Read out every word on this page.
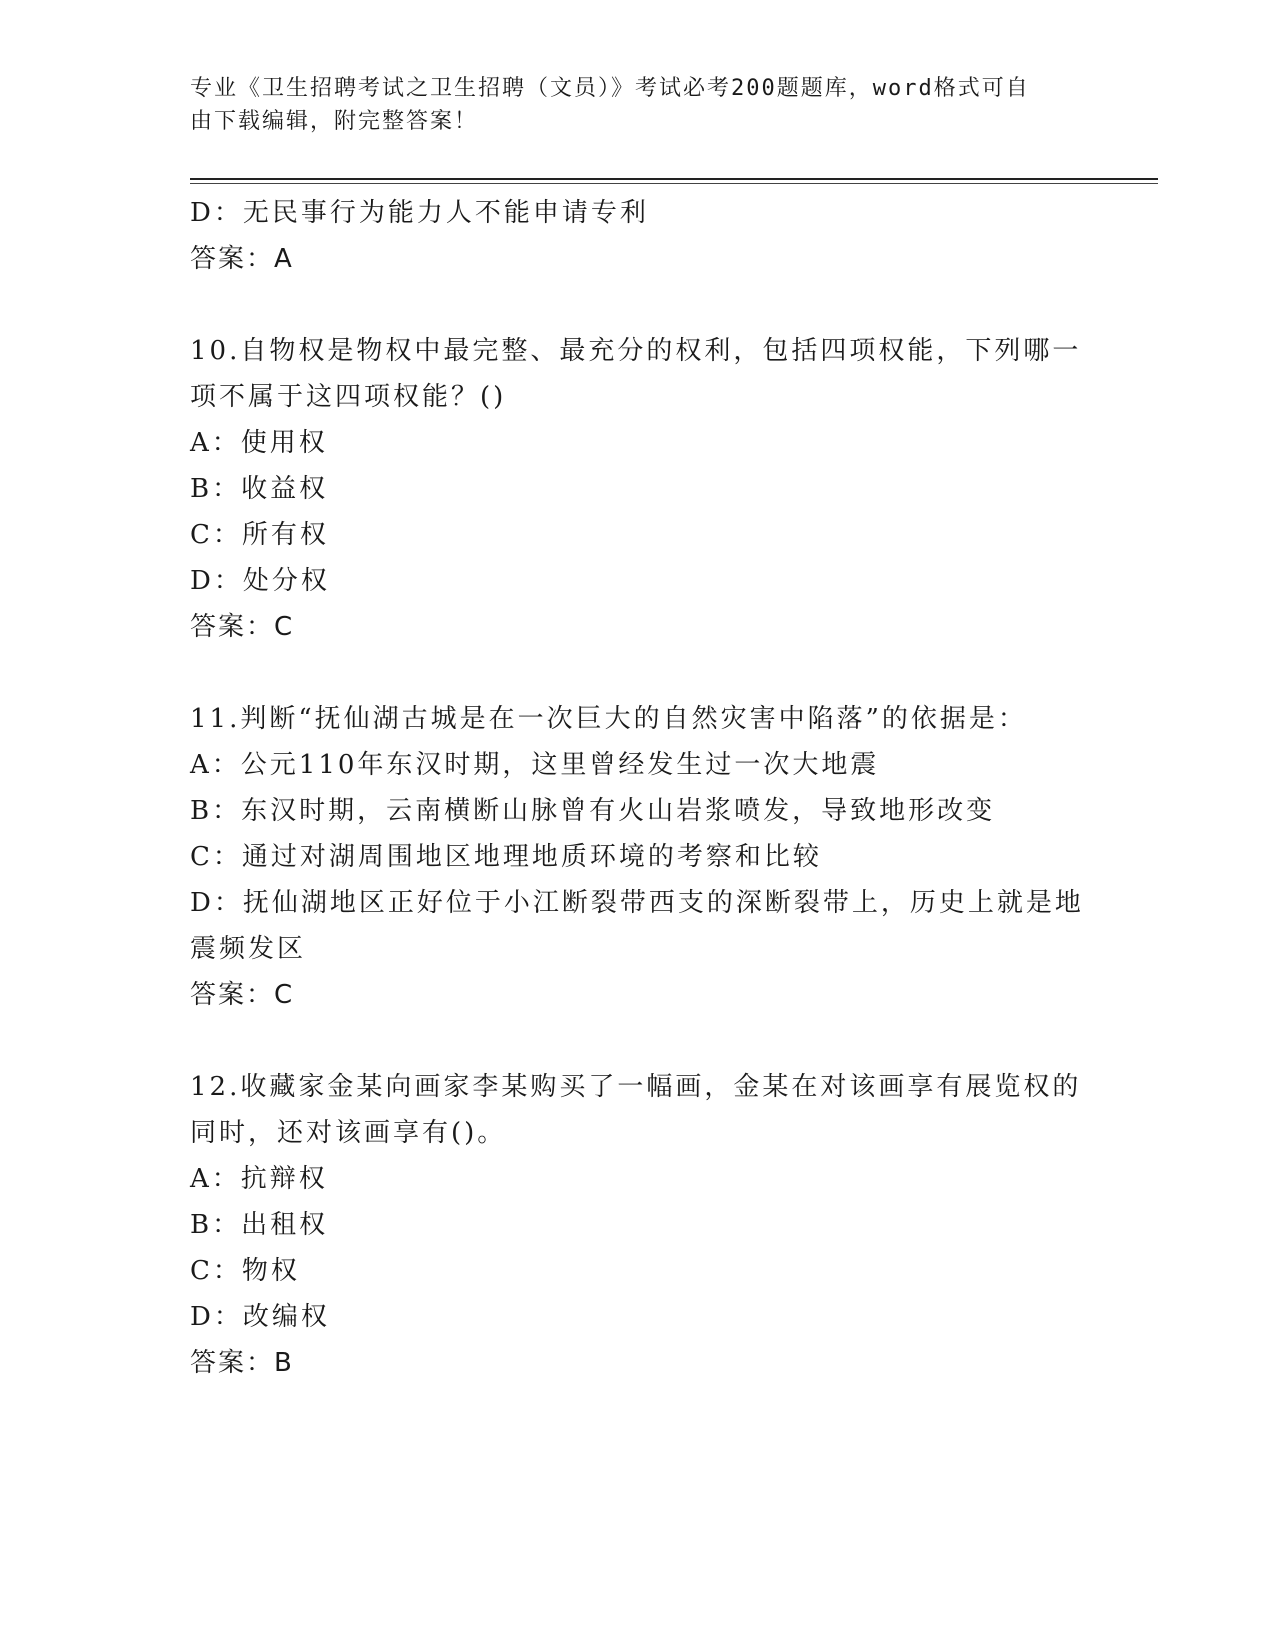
专业《卫生招聘考试之卫生招聘（文员）》考试必考200题题库，word格式可自
由下载编辑，附完整答案！
D：无民事行为能力人不能申请专利
答案：A
10.自物权是物权中最完整、最充分的权利，包括四项权能，下列哪一
项不属于这四项权能？()
A：使用权
B：收益权
C：所有权
D：处分权
答案：C
11.判断“抚仙湖古城是在一次巨大的自然灾害中陷落”的依据是：
A：公元110年东汉时期，这里曾经发生过一次大地震
B：东汉时期，云南横断山脉曾有火山岩浆喷发，导致地形改变
C：通过对湖周围地区地理地质环境的考察和比较
D：抚仙湖地区正好位于小江断裂带西支的深断裂带上，历史上就是地
震频发区
答案：C
12.收藏家金某向画家李某购买了一幅画，金某在对该画享有展览权的
同时，还对该画享有()。
A：抗辩权
B：出租权
C：物权
D：改编权
答案：B
